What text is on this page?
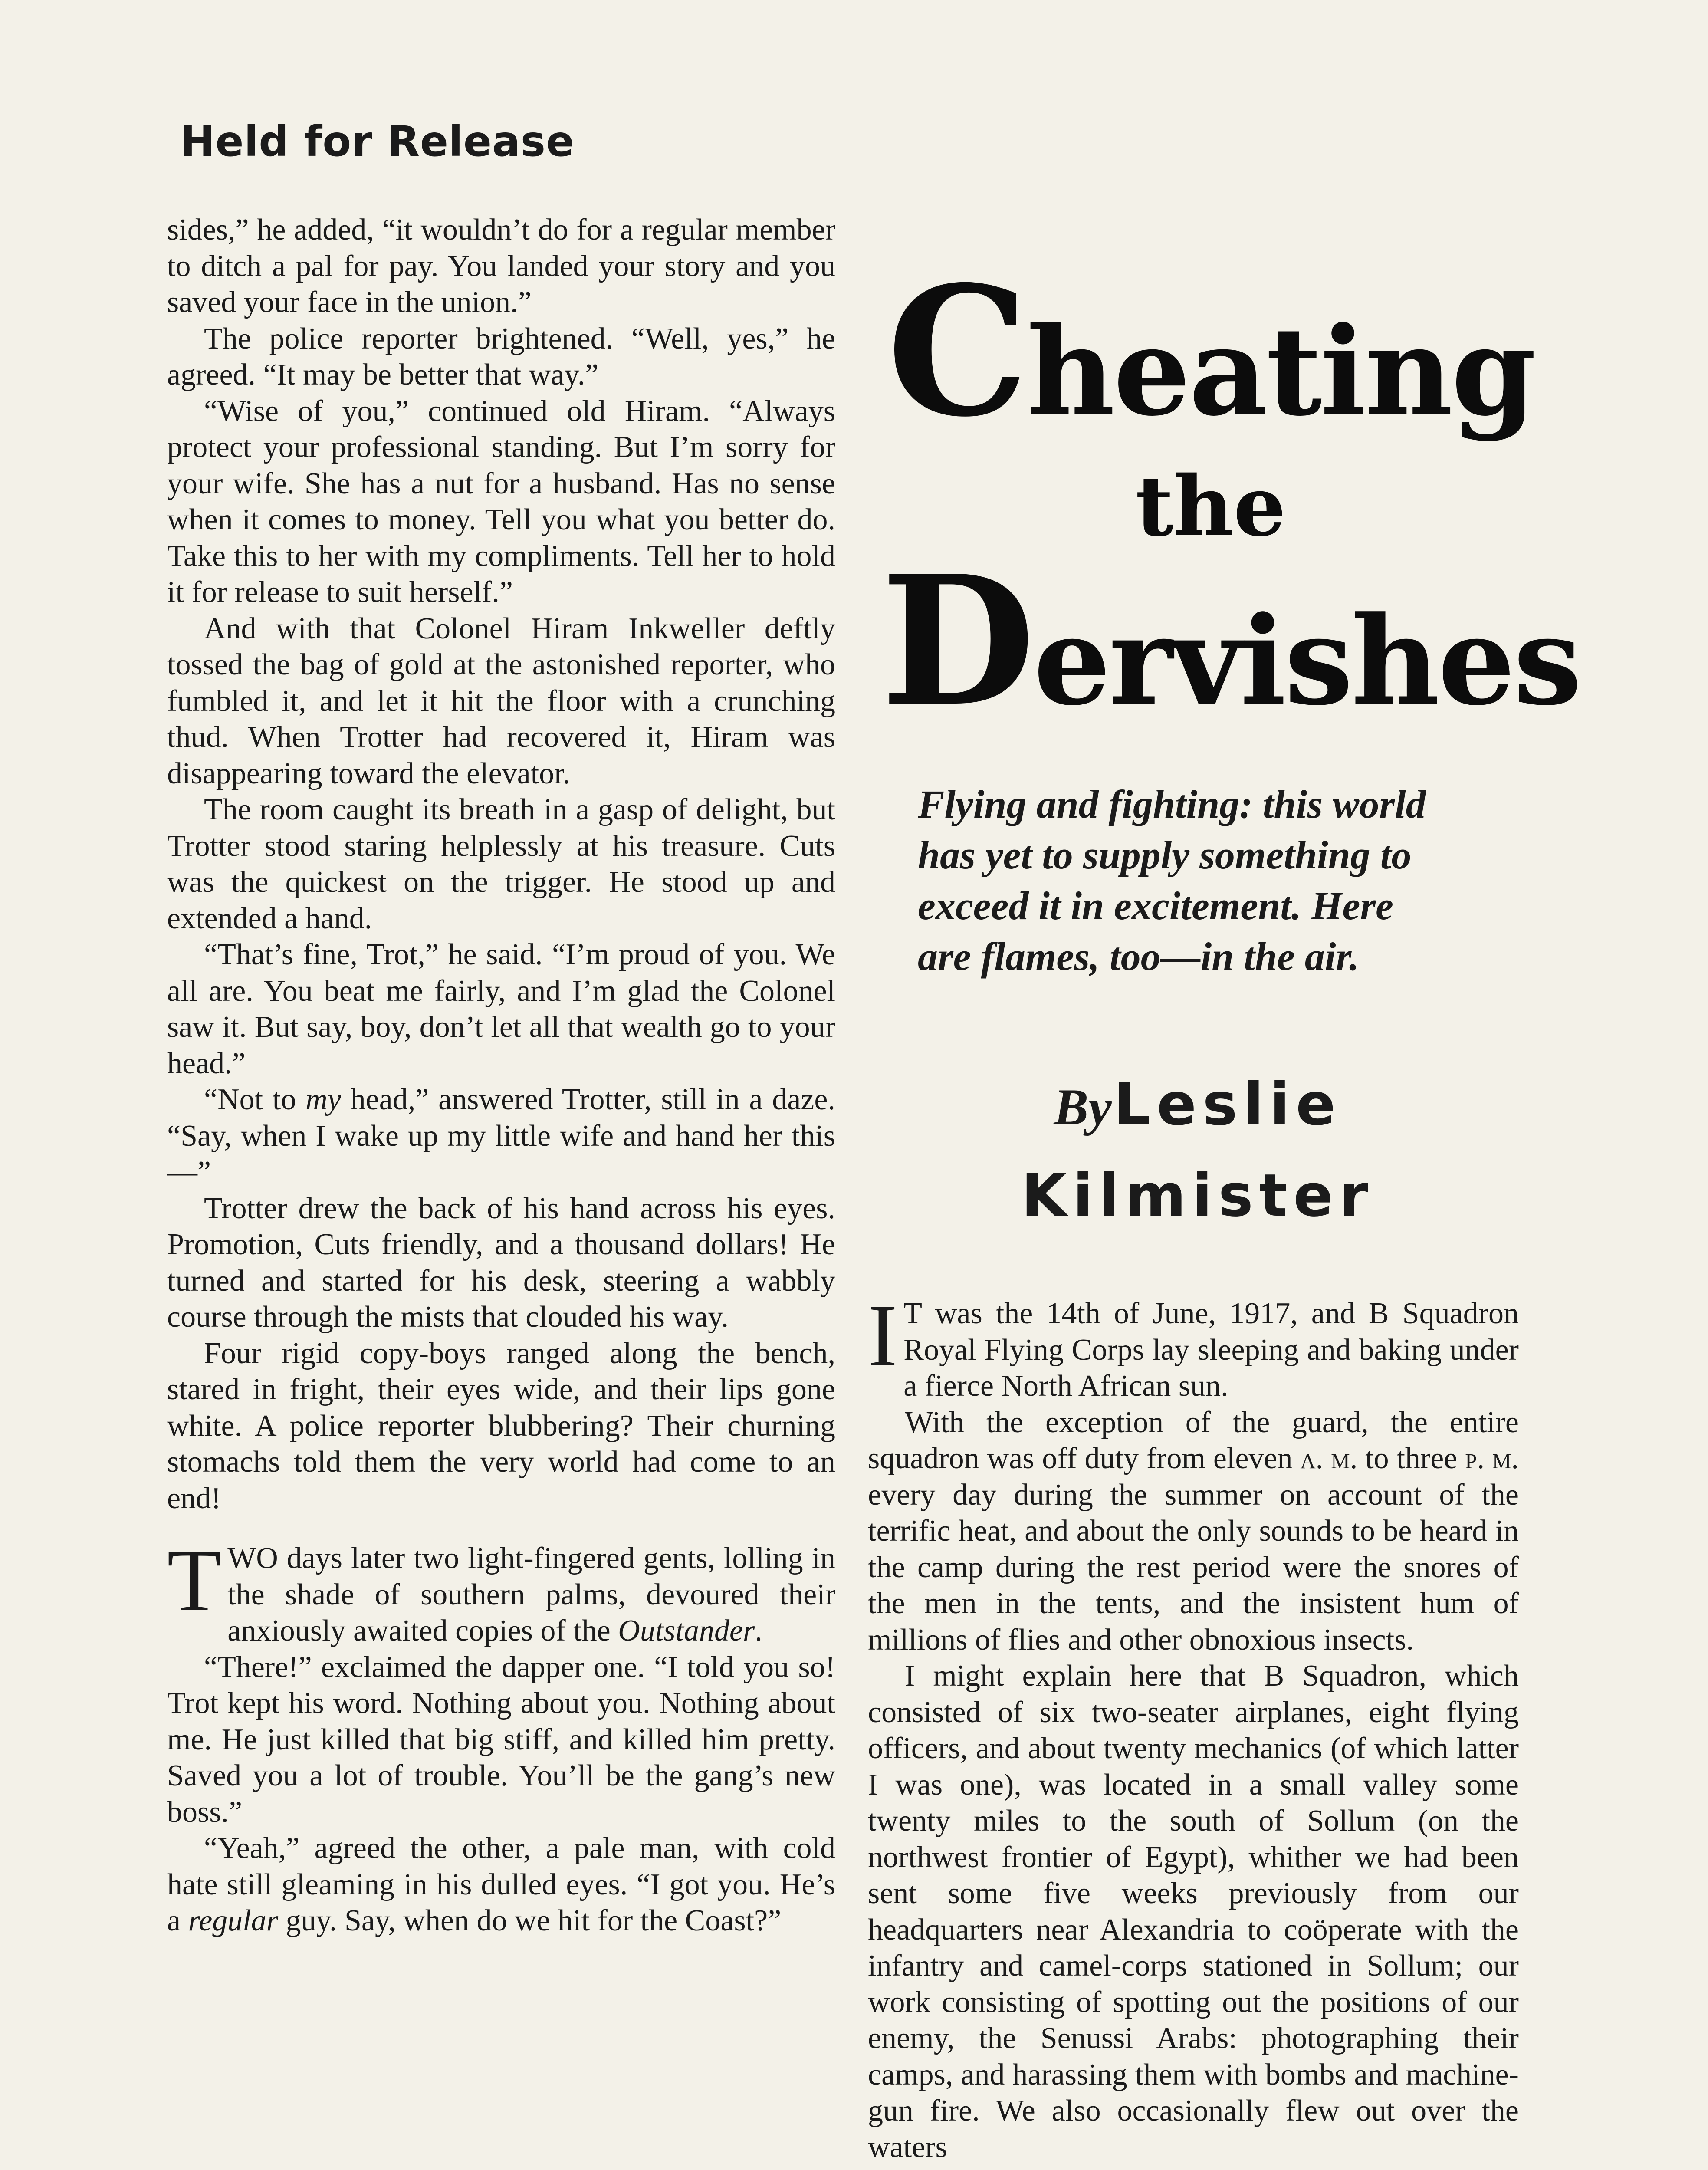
Held for Release

sides,” he added, “it wouldn’t do for a regular member to ditch a pal for pay. You landed your story and you saved your face in the union.”

The police reporter brightened. “Well, yes,” he agreed. “It may be better that way.”

“Wise of you,” continued old Hiram. “Always protect your professional standing. But I’m sorry for your wife. She has a nut for a husband. Has no sense when it comes to money. Tell you what you better do. Take this to her with my compliments. Tell her to hold it for release to suit herself.”

And with that Colonel Hiram Inkweller deftly tossed the bag of gold at the astonished reporter, who fumbled it, and let it hit the floor with a crunching thud. When Trotter had recovered it, Hiram was disappearing toward the elevator.

The room caught its breath in a gasp of delight, but Trotter stood staring helplessly at his treasure. Cuts was the quickest on the trigger. He stood up and extended a hand.

“That’s fine, Trot,” he said. “I’m proud of you. We all are. You beat me fairly, and I’m glad the Colonel saw it. But say, boy, don’t let all that wealth go to your head.”

“Not to my head,” answered Trotter, still in a daze. “Say, when I wake up my little wife and hand her this—”

Trotter drew the back of his hand across his eyes. Promotion, Cuts friendly, and a thousand dollars! He turned and started for his desk, steering a wabbly course through the mists that clouded his way.

Four rigid copy-boys ranged along the bench, stared in fright, their eyes wide, and their lips gone white. A police reporter blubbering? Their churning stomachs told them the very world had come to an end!

TWO days later two light-fingered gents, lolling in the shade of southern palms, devoured their anxiously awaited copies of the Outstander.

“There!” exclaimed the dapper one. “I told you so! Trot kept his word. Nothing about you. Nothing about me. He just killed that big stiff, and killed him pretty. Saved you a lot of trouble. You’ll be the gang’s new boss.”

“Yeah,” agreed the other, a pale man, with cold hate still gleaming in his dulled eyes. “I got you. He’s a regular guy. Say, when do we hit for the Coast?”

Cheating
the
Dervishes
Flying and fighting: this world
has yet to supply something to
exceed it in excitement. Here
are flames, too—in the air.
By Leslie
Kilmister

I T was the 14th of June, 1917, and B Squadron Royal Flying Corps lay sleeping and baking under a fierce North African sun.

With the exception of the guard, the entire squadron was off duty from eleven a. m. to three p. m. every day during the summer on account of the terrific heat, and about the only sounds to be heard in the camp during the rest period were the snores of the men in the tents, and the insistent hum of millions of flies and other obnoxious insects.

I might explain here that B Squadron, which consisted of six two-seater airplanes, eight flying officers, and about twenty mechanics (of which latter I was one), was located in a small valley some twenty miles to the south of Sollum (on the northwest frontier of Egypt), whither we had been sent some five weeks previously from our headquarters near Alexandria to coöperate with the infantry and camel-corps stationed in Sollum; our work consisting of spotting out the positions of our enemy, the Senussi Arabs: photographing their camps, and harassing them with bombs and machine-gun fire. We also occasionally flew out over the waters
